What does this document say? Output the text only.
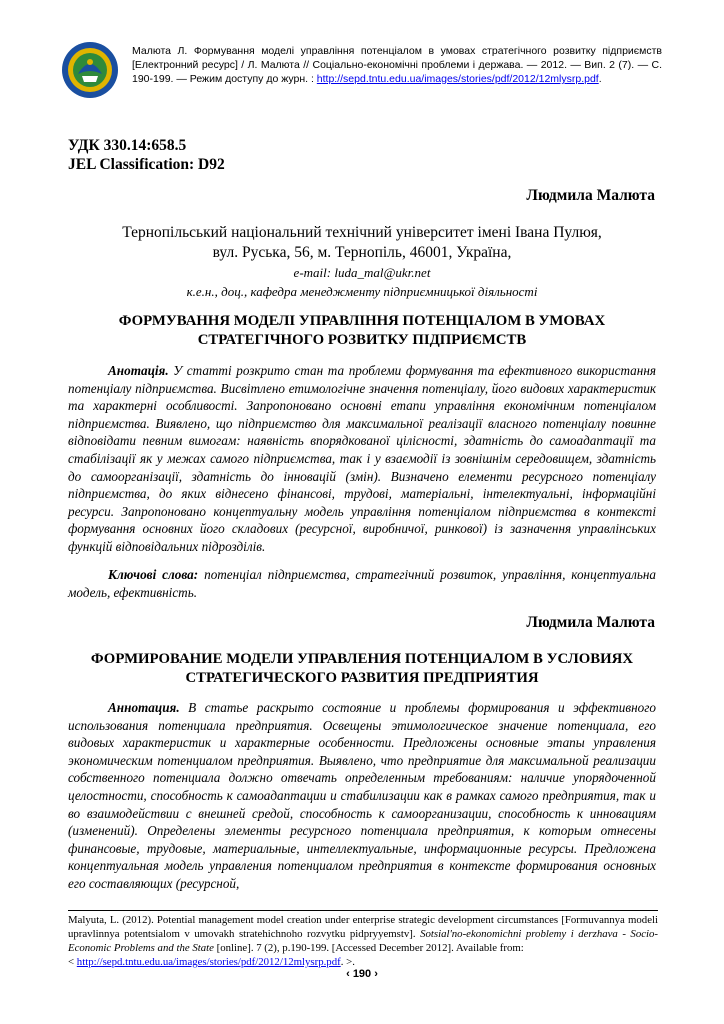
Малюта Л. Формування моделі управління потенціалом в умовах стратегічного розвитку підприємств [Електронний ресурс] / Л. Малюта // Соціально-економічні проблеми і держава. — 2012. — Вип. 2 (7). — С. 190-199. — Режим доступу до журн. : http://sepd.tntu.edu.ua/images/stories/pdf/2012/12mlysrp.pdf.
УДК 330.14:658.5
JEL Classification: D92
Людмила Малюта
Тернопільський національний технічний університет імені Івана Пулюя,
вул. Руська, 56, м. Тернопіль, 46001, Україна,
e-mail: luda_mal@ukr.net
к.е.н., доц., кафедра менеджменту підприємницької діяльності
ФОРМУВАННЯ МОДЕЛІ УПРАВЛІННЯ ПОТЕНЦІАЛОМ В УМОВАХ СТРАТЕГІЧНОГО РОЗВИТКУ ПІДПРИЄМСТВ
Анотація. У статті розкрито стан та проблеми формування та ефективного використання потенціалу підприємства. Висвітлено етимологічне значення потенціалу, його видових характеристик та характерні особливості. Запропоновано основні етапи управління економічним потенціалом підприємства. Виявлено, що підприємство для максимальної реалізації власного потенціалу повинне відповідати певним вимогам: наявність впорядкованої цілісності, здатність до самоадаптації та стабілізації як у межах самого підприємства, так і у взаємодії із зовнішнім середовищем, здатність до самоорганізації, здатність до інновацій (змін). Визначено елементи ресурсного потенціалу підприємства, до яких віднесено фінансові, трудові, матеріальні, інтелектуальні, інформаційні ресурси. Запропоновано концептуальну модель управління потенціалом підприємства в контексті формування основних його складових (ресурсної, виробничої, ринкової) із зазначення управлінських функцій відповідальних підрозділів.
Ключові слова: потенціал підприємства, стратегічний розвиток, управління, концептуальна модель, ефективність.
Людмила Малюта
ФОРМИРОВАНИЕ МОДЕЛИ УПРАВЛЕНИЯ ПОТЕНЦИАЛОМ В УСЛОВИЯХ СТРАТЕГИЧЕСКОГО РАЗВИТИЯ ПРЕДПРИЯТИЯ
Аннотация. В статье раскрыто состояние и проблемы формирования и эффективного использования потенциала предприятия. Освещены этимологическое значение потенциала, его видовых характеристик и характерные особенности. Предложены основные этапы управления экономическим потенциалом предприятия. Выявлено, что предприятие для максимальной реализации собственного потенциала должно отвечать определенным требованиям: наличие упорядоченной целостности, способность к самоадаптации и стабилизации как в рамках самого предприятия, так и во взаимодействии с внешней средой, способность к самоорганизации, способность к инновациям (изменений). Определены элементы ресурсного потенциала предприятия, к которым отнесены финансовые, трудовые, материальные, интеллектуальные, информационные ресурсы. Предложена концептуальная модель управления потенциалом предприятия в контексте формирования основных его составляющих (ресурсной,
Malyuta, L. (2012). Potential management model creation under enterprise strategic development circumstances [Formuvannya modeli upravlinnya potentsialom v umovakh stratehichnoho rozvytku pidpryyemstv]. Sotsial'no-ekonomichni problemy i derzhava - Socio-Economic Problems and the State [online]. 7 (2), p.190-199. [Accessed December 2012]. Available from:
< http://sepd.tntu.edu.ua/images/stories/pdf/2012/12mlysrp.pdf. >.
‹ 190 ›
